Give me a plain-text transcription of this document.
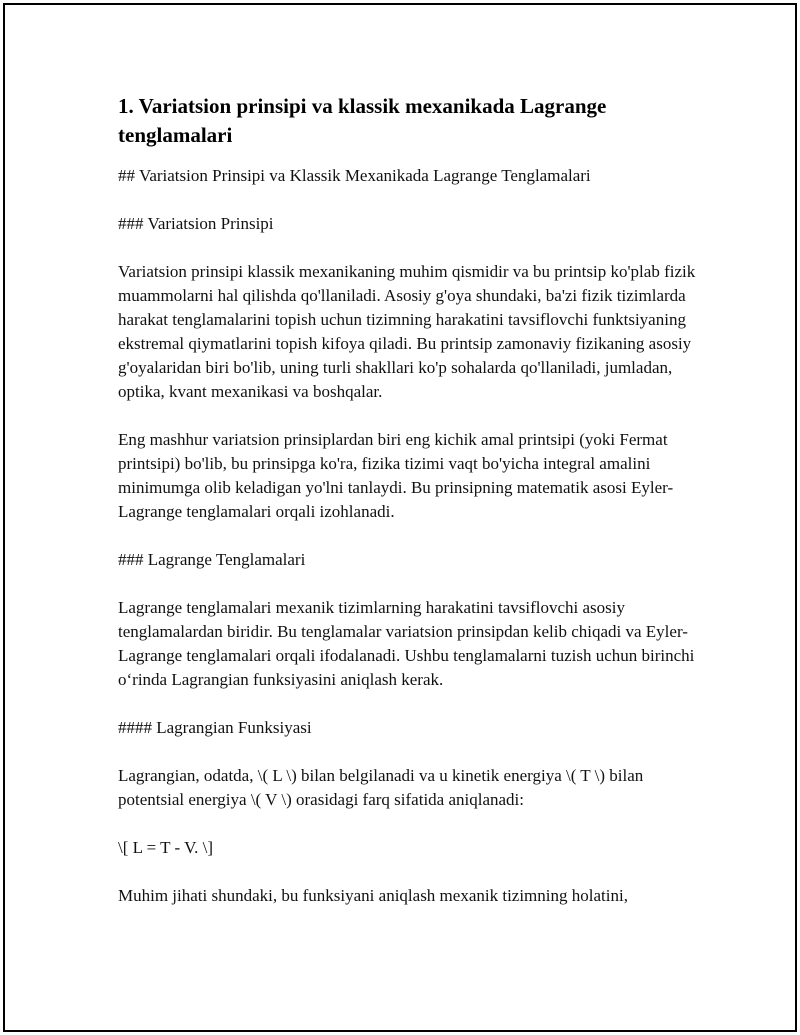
1. Variatsion prinsipi va klassik mexanikada Lagrange tenglamalari

## Variatsion Prinsipi va Klassik Mexanikada Lagrange Tenglamalari

### Variatsion Prinsipi

Variatsion prinsipi klassik mexanikaning muhim qismidir va bu printsip ko'plab fizik muammolarni hal qilishda qo'llaniladi. Asosiy g'oya shundaki, ba'zi fizik tizimlarda harakat tenglamalarini topish uchun tizimning harakatini tavsiflovchi funktsiyaning ekstremal qiymatlarini topish kifoya qiladi. Bu printsip zamonaviy fizikaning asosiy g'oyalaridan biri bo'lib, uning turli shakllari ko'p sohalarda qo'llaniladi, jumladan, optika, kvant mexanikasi va boshqalar.

Eng mashhur variatsion prinsiplardan biri eng kichik amal printsipi (yoki Fermat printsipi) bo'lib, bu prinsipga ko'ra, fizika tizimi vaqt bo'yicha integral amalini minimumga olib keladigan yo'lni tanlaydi. Bu prinsipning matematik asosi Eyler-Lagrange tenglamalari orqali izohlanadi.

### Lagrange Tenglamalari

Lagrange tenglamalari mexanik tizimlarning harakatini tavsiflovchi asosiy tenglamalardan biridir. Bu tenglamalar variatsion prinsipdan kelib chiqadi va Eyler-Lagrange tenglamalari orqali ifodalanadi. Ushbu tenglamalarni tuzish uchun birinchi o‘rinda Lagrangian funksiyasini aniqlash kerak.

#### Lagrangian Funksiyasi

Lagrangian, odatda, \( L \) bilan belgilanadi va u kinetik energiya \( T \) bilan potentsial energiya \( V \) orasidagi farq sifatida aniqlanadi:

\[ L = T - V. \]

Muhim jihati shundaki, bu funksiyani aniqlash mexanik tizimning holatini,
